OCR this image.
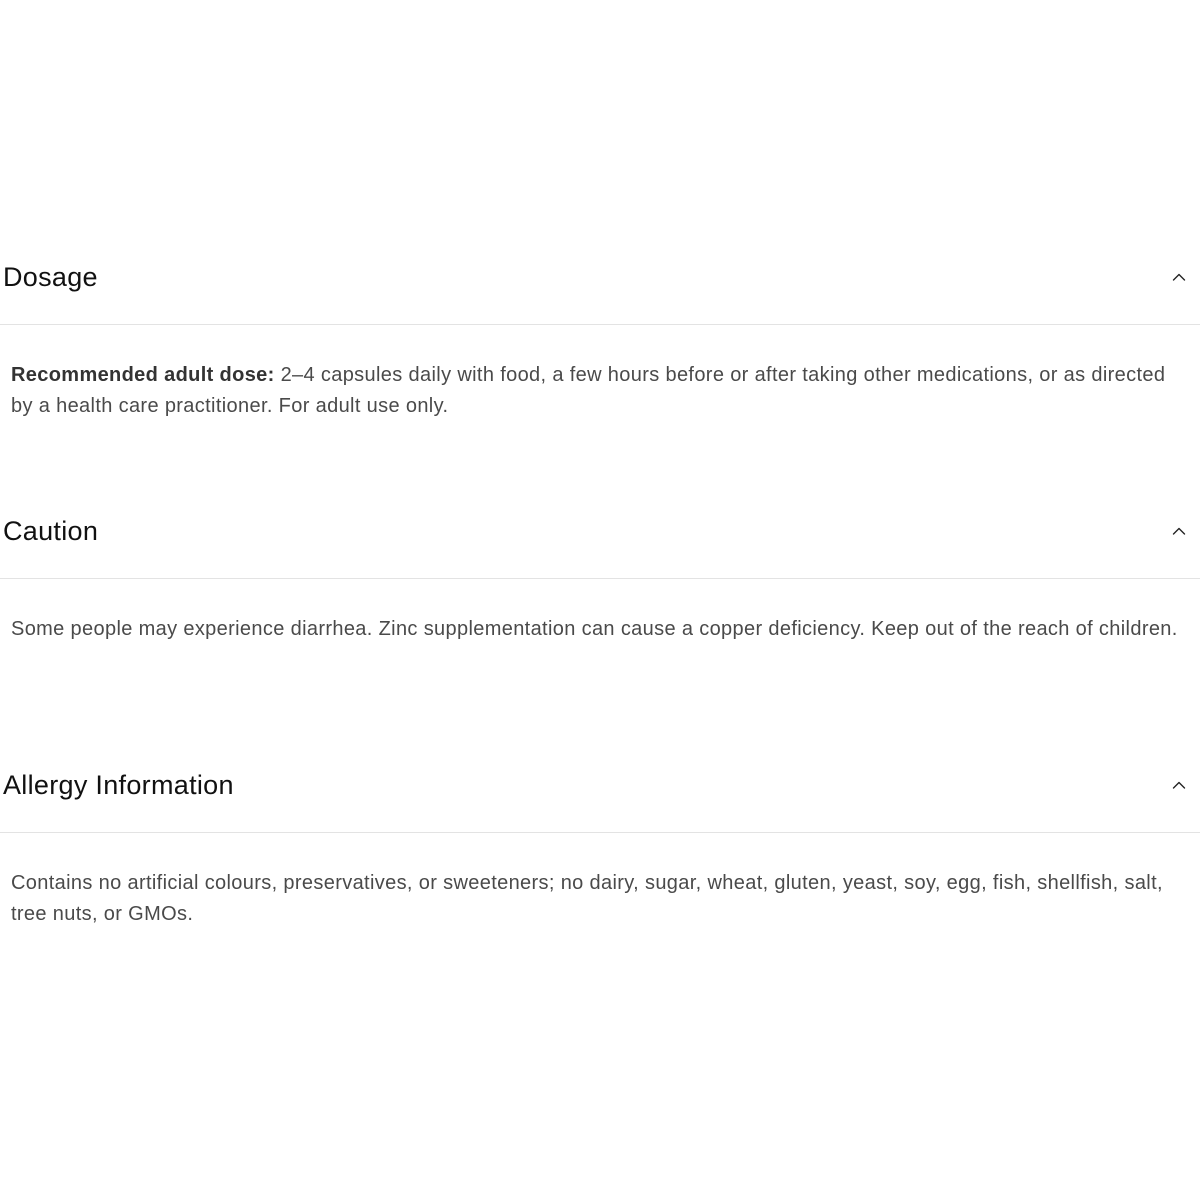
Dosage

Recommended adult dose: 2–4 capsules daily with food, a few hours before or after taking other medications, or as directed by a health care practitioner. For adult use only.

Caution

Some people may experience diarrhea. Zinc supplementation can cause a copper deficiency. Keep out of the reach of children.

Allergy Information

Contains no artificial colours, preservatives, or sweeteners; no dairy, sugar, wheat, gluten, yeast, soy, egg, fish, shellfish, salt, tree nuts, or GMOs.
